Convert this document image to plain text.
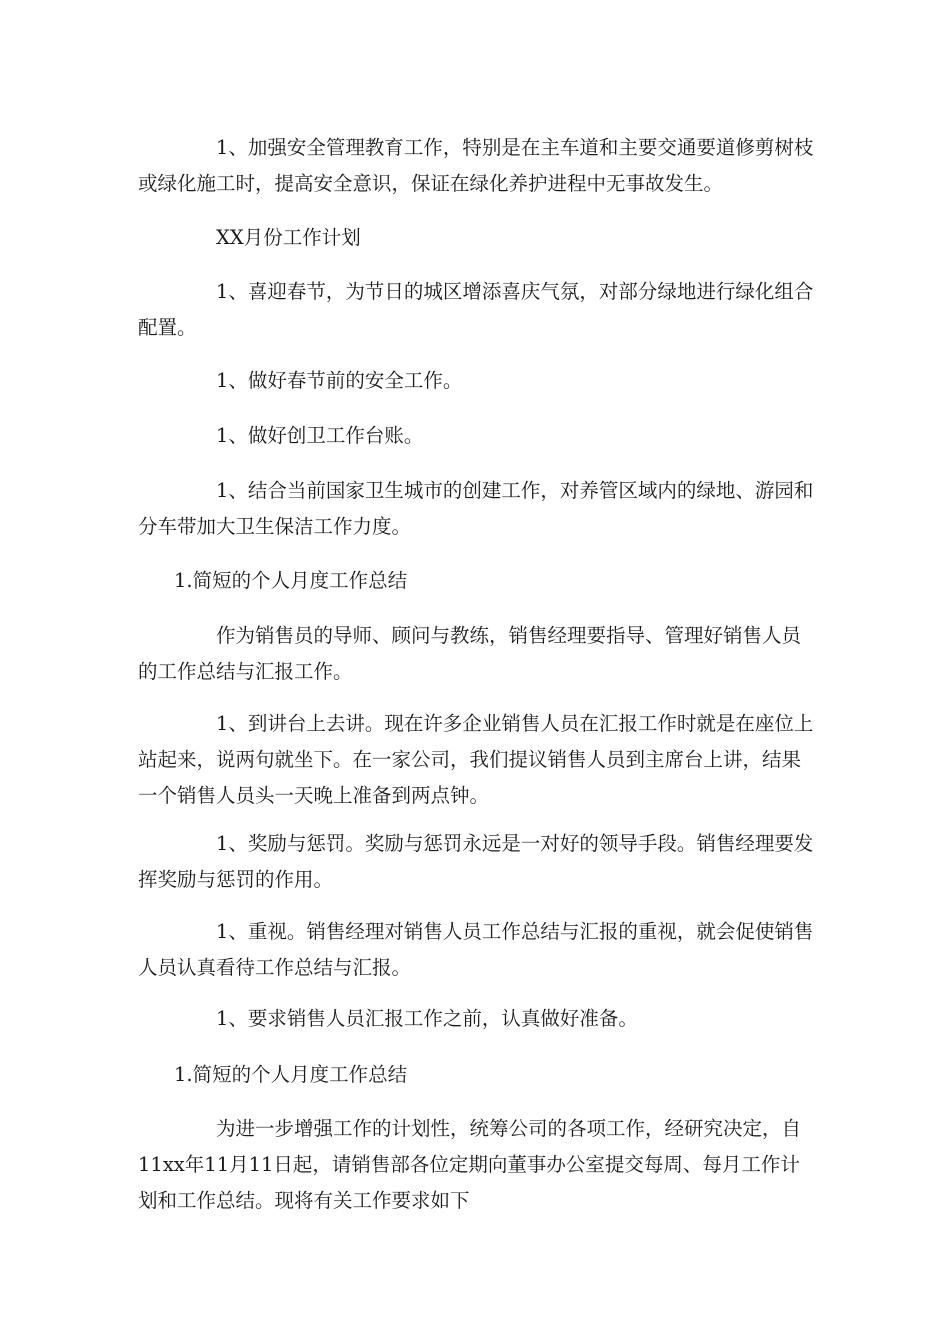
1、加强安全管理教育工作，特别是在主车道和主要交通要道修剪树枝或绿化施工时，提高安全意识，保证在绿化养护进程中无事故发生。

XX月份工作计划

1、喜迎春节，为节日的城区增添喜庆气氛，对部分绿地进行绿化组合配置。

1、做好春节前的安全工作。

1、做好创卫工作台账。

1、结合当前国家卫生城市的创建工作，对养管区域内的绿地、游园和分车带加大卫生保洁工作力度。

1.简短的个人月度工作总结

作为销售员的导师、顾问与教练，销售经理要指导、管理好销售人员的工作总结与汇报工作。

1、到讲台上去讲。现在许多企业销售人员在汇报工作时就是在座位上站起来，说两句就坐下。在一家公司，我们提议销售人员到主席台上讲，结果一个销售人员头一天晚上准备到两点钟。

1、奖励与惩罚。奖励与惩罚永远是一对好的领导手段。销售经理要发挥奖励与惩罚的作用。

1、重视。销售经理对销售人员工作总结与汇报的重视，就会促使销售人员认真看待工作总结与汇报。

1、要求销售人员汇报工作之前，认真做好准备。

1.简短的个人月度工作总结

为进一步增强工作的计划性，统筹公司的各项工作，经研究决定，自11xx年11月11日起，请销售部各位定期向董事办公室提交每周、每月工作计划和工作总结。现将有关工作要求如下
